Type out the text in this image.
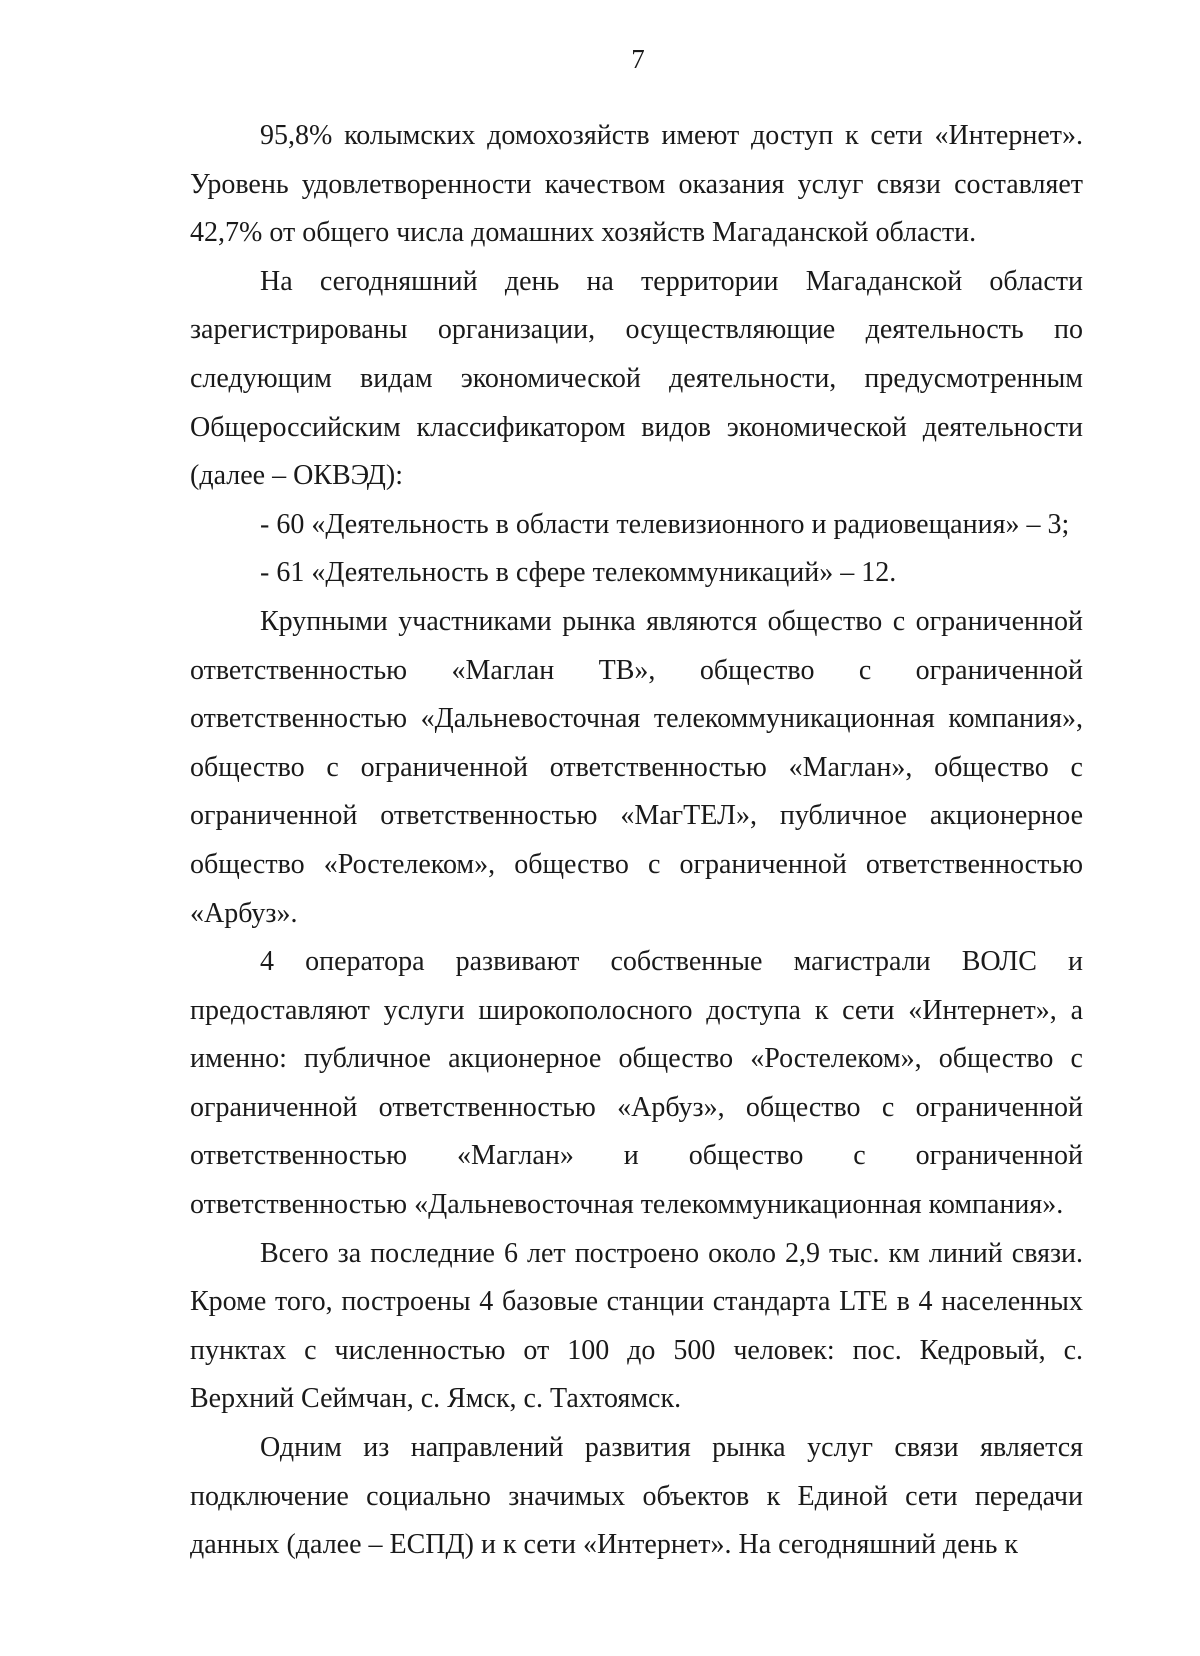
7

95,8% колымских домохозяйств имеют доступ к сети «Интернет». Уровень удовлетворенности качеством оказания услуг связи составляет 42,7% от общего числа домашних хозяйств Магаданской области.

На сегодняшний день на территории Магаданской области зарегистрированы организации, осуществляющие деятельность по следующим видам экономической деятельности, предусмотренным Общероссийским классификатором видов экономической деятельности (далее – ОКВЭД):

- 60 «Деятельность в области телевизионного и радиовещания» – 3;

- 61 «Деятельность в сфере телекоммуникаций» – 12.

Крупными участниками рынка являются общество с ограниченной ответственностью «Маглан ТВ», общество с ограниченной ответственностью «Дальневосточная телекоммуникационная компания», общество с ограниченной ответственностью «Маглан», общество с ограниченной ответственностью «МагТЕЛ», публичное акционерное общество «Ростелеком», общество с ограниченной ответственностью «Арбуз».

4 оператора развивают собственные магистрали ВОЛС и предоставляют услуги широкополосного доступа к сети «Интернет», а именно: публичное акционерное общество «Ростелеком», общество с ограниченной ответственностью «Арбуз», общество с ограниченной ответственностью «Маглан» и общество с ограниченной ответственностью «Дальневосточная телекоммуникационная компания».

Всего за последние 6 лет построено около 2,9 тыс. км линий связи. Кроме того, построены 4 базовые станции стандарта LTE в 4 населенных пунктах с численностью от 100 до 500 человек: пос. Кедровый, с. Верхний Сеймчан, с. Ямск, с. Тахтоямск.

Одним из направлений развития рынка услуг связи является подключение социально значимых объектов к Единой сети передачи данных (далее – ЕСПД) и к сети «Интернет». На сегодняшний день к
